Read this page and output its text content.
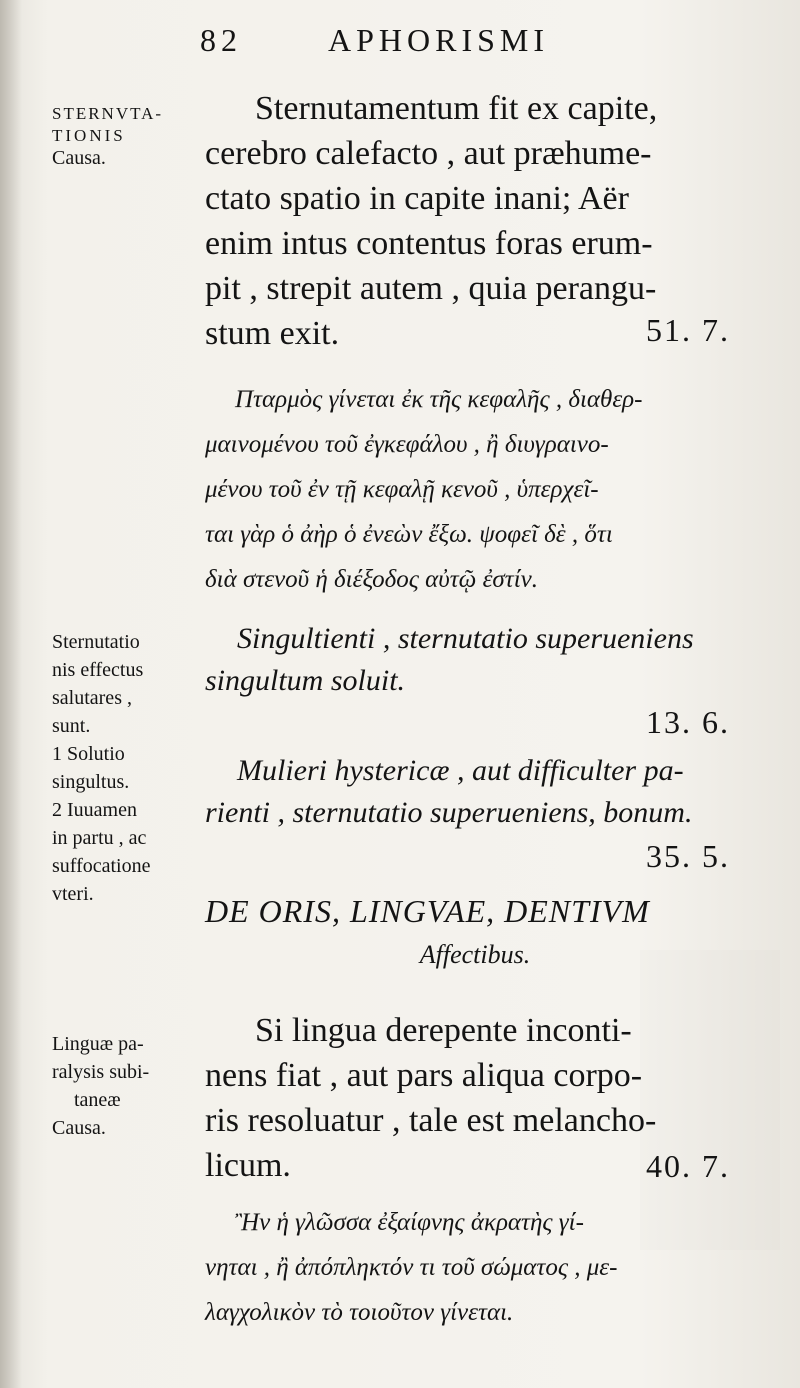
82	APHORISMI
STERNVTA-
TIONIS
Causa.
Sternutamentum fit ex capite,
cerebro calefacto , aut præhume-
ctato spatio in capite inani; Aër
enim intus contentus foras erum-
pit , strepit autem , quia perangu-
stum exit.	51. 7.
Πταρμὸς γίνεται ἐκ τῆς κεφαλῆς , διαθερ-
μαινομένου τοῦ ἐγκεφάλου , ἢ διυγραινο-
μένου τοῦ ἐν τῇ κεφαλῇ κενοῦ , ὑπερχεῖ-
ται γὰρ ὁ ἀὴρ ὁ ἐνεὼν ἔξω. ψοφεῖ δὲ , ὅτι
διὰ στενοῦ ἡ διέξοδος αὐτῷ ἐστίν.
Sternutatio
nis effectus
salutares ,
sunt.
1 Solutio
singultus.
2 Iuuamen
in partu , ac
suffocatione
vteri.
Singultienti , sternutatio superueniens
singultum soluit.
13. 6.
Mulieri hystericæ , aut difficulter pa-
rienti , sternutatio superueniens, bonum.
35. 5.
DE ORIS, LINGVAE, DENTIVM
Affectibus.
Linguæ pa-
ralysis subi-
taneæ
Causa.
Si lingua derepente inconti-
nens fiat , aut pars aliqua corpo-
ris resoluatur , tale est melancho-
licum.	40. 7.
Ἢν ἡ γλῶσσα ἐξαίφνης ἀκρατὴς γί-
νηται , ἢ ἀπόπληκτόν τι τοῦ σώματος , με-
λαγχολικὸν τὸ τοιοῦτον γίνεται.
